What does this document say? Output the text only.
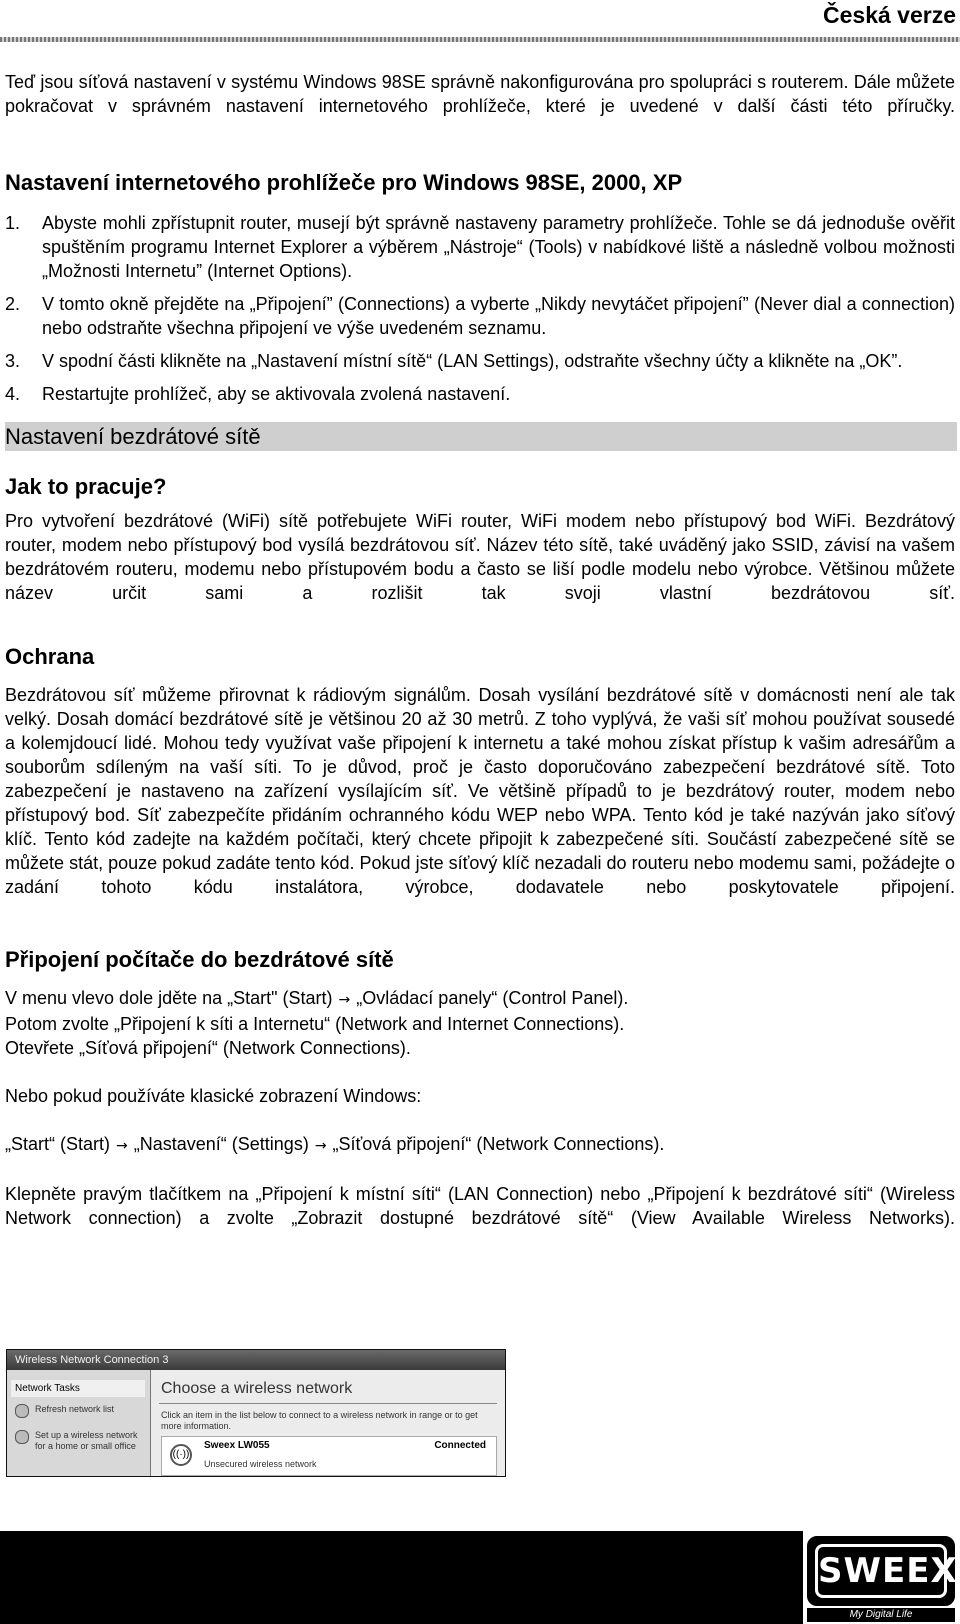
Česká verze

Teď jsou síťová nastavení v systému Windows 98SE správně nakonfigurována pro spolupráci s routerem. Dále můžete pokračovat v správném nastavení internetového prohlížeče, které je uvedené v další části této příručky.

Nastavení internetového prohlížeče pro Windows 98SE, 2000, XP
1.	Abyste mohli zpřístupnit router, musejí být správně nastaveny parametry prohlížeče. Tohle se dá jednoduše ověřit spuštěním programu Internet Explorer a výběrem „Nástroje“ (Tools) v nabídkové liště a následně volbou možnosti „Možnosti Internetu” (Internet Options).
2.	V tomto okně přejděte na „Připojení” (Connections) a vyberte „Nikdy nevytáčet připojení” (Never dial a connection) nebo odstraňte všechna připojení ve výše uvedeném seznamu.
3.	V spodní části klikněte na „Nastavení místní sítě“ (LAN Settings), odstraňte všechny účty a klikněte na „OK”.
4.	Restartujte prohlížeč, aby se aktivovala zvolená nastavení.
Nastavení bezdrátové sítě
Jak to pracuje?

Pro vytvoření bezdrátové (WiFi) sítě potřebujete WiFi router, WiFi modem nebo přístupový bod WiFi. Bezdrátový router, modem nebo přístupový bod vysílá bezdrátovou síť. Název této sítě, také uváděný jako SSID, závisí na vašem bezdrátovém routeru, modemu nebo přístupovém bodu a často se liší podle modelu nebo výrobce. Většinou můžete název určit sami a rozlišit tak svoji vlastní bezdrátovou síť.

Ochrana

Bezdrátovou síť můžeme přirovnat k rádiovým signálům. Dosah vysílání bezdrátové sítě v domácnosti není ale tak velký. Dosah domácí bezdrátové sítě je většinou 20 až 30 metrů. Z toho vyplývá, že vaši síť mohou používat sousedé a kolemjdoucí lidé. Mohou tedy využívat vaše připojení k internetu a také mohou získat přístup k vašim adresářům a souborům sdíleným na vaší síti. To je důvod, proč je často doporučováno zabezpečení bezdrátové sítě. Toto zabezpečení je nastaveno na zařízení vysílajícím síť. Ve většině případů to je bezdrátový router, modem nebo přístupový bod. Síť zabezpečíte přidáním ochranného kódu WEP nebo WPA. Tento kód je také nazýván jako síťový klíč. Tento kód zadejte na každém počítači, který chcete připojit k zabezpečené síti. Součástí zabezpečené sítě se můžete stát, pouze pokud zadáte tento kód. Pokud jste síťový klíč nezadali do routeru nebo modemu sami, požádejte o zadání tohoto kódu instalátora, výrobce, dodavatele nebo poskytovatele připojení.

Připojení počítače do bezdrátové sítě

V menu vlevo dole jděte na „Start" (Start) → „Ovládací panely“ (Control Panel).

Potom zvolte „Připojení k síti a Internetu“ (Network and Internet Connections).

Otevřete „Síťová připojení“ (Network Connections).

Nebo pokud používáte klasické zobrazení Windows:

„Start“ (Start) → „Nastavení“ (Settings) → „Síťová připojení“ (Network Connections).

Klepněte pravým tlačítkem na „Připojení k místní síti“ (LAN Connection) nebo „Připojení k bezdrátové síti“ (Wireless Network connection) a zvolte „Zobrazit dostupné bezdrátové sítě“ (View Available Wireless Networks).

Wireless Network Connection 3
Network Tasks
Refresh network list
Set up a wireless network for a home or small office
Choose a wireless network
Click an item in the list below to connect to a wireless network in range or to get more information.
((·))
Sweex LW055	Connected
Unsecured wireless network
SWEEX
My Digital Life
